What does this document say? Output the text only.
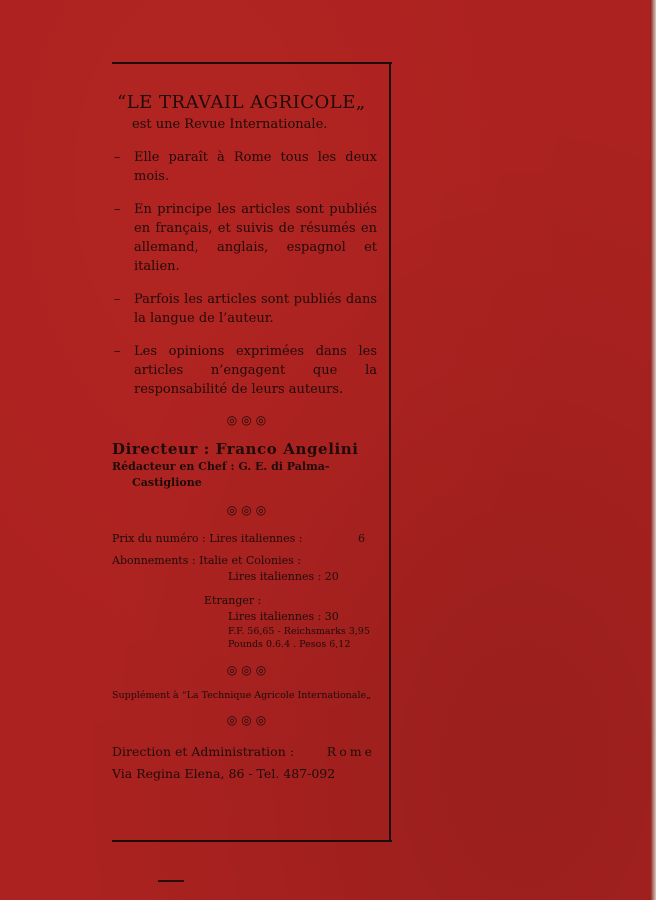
“LE TRAVAIL AGRICOLE„
est une Revue Internationale.
–	Elle paraît à Rome tous les deux mois.
–	En principe les articles sont publiés en français, et suivis de résumés en allemand, anglais, espagnol et italien.
–	Parfois les articles sont publiés dans la langue de l’auteur.
–	Les opinions exprimées dans les articles n’engagent que la responsabilité de leurs auteurs.
◎◎◎
Directeur : Franco Angelini
Rédacteur en Chef : G. E. di Palma-
Castiglione
◎◎◎
Prix du numéro : Lires italiennes :	6
Abonnements : Italie et Colonies :
Lires italiennes : 20
Etranger :
Lires italiennes : 30
F.F. 56,65 - Reichsmarks 3,95
Pounds 0.6.4 . Pesos 6,12
◎◎◎
Supplément à “La Technique Agricole Internationale„
◎◎◎
Direction et Administration :	Rome
Via Regina Elena, 86 - Tel. 487-092
